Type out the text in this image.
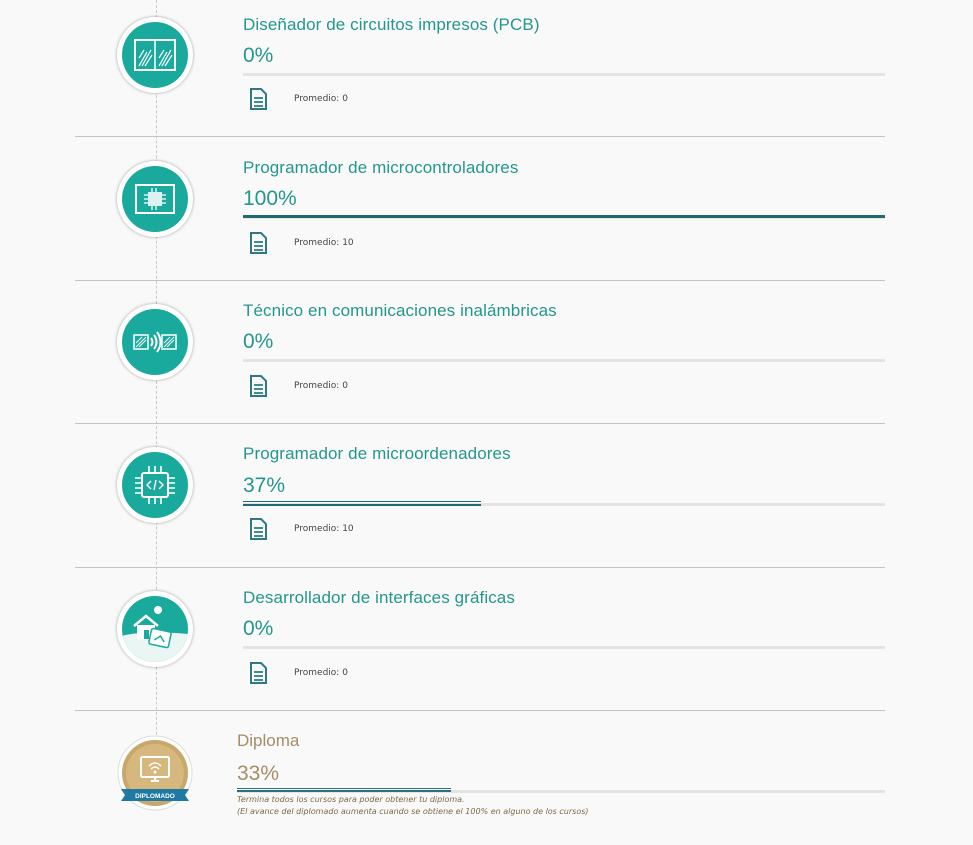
Diseñador de circuitos impresos (PCB)
0%
Promedio: 0
Programador de microcontroladores
100%
Promedio: 10
Técnico en comunicaciones inalámbricas
0%
Promedio: 0
Programador de microordenadores
37%
Promedio: 10
Desarrollador de interfaces gráficas
0%
Promedio: 0
DIPLOMADO
Diploma
33%
Termina todos los cursos para poder obtener tu diploma.
(El avance del diplomado aumenta cuando se obtiene el 100% en alguno de los cursos)
